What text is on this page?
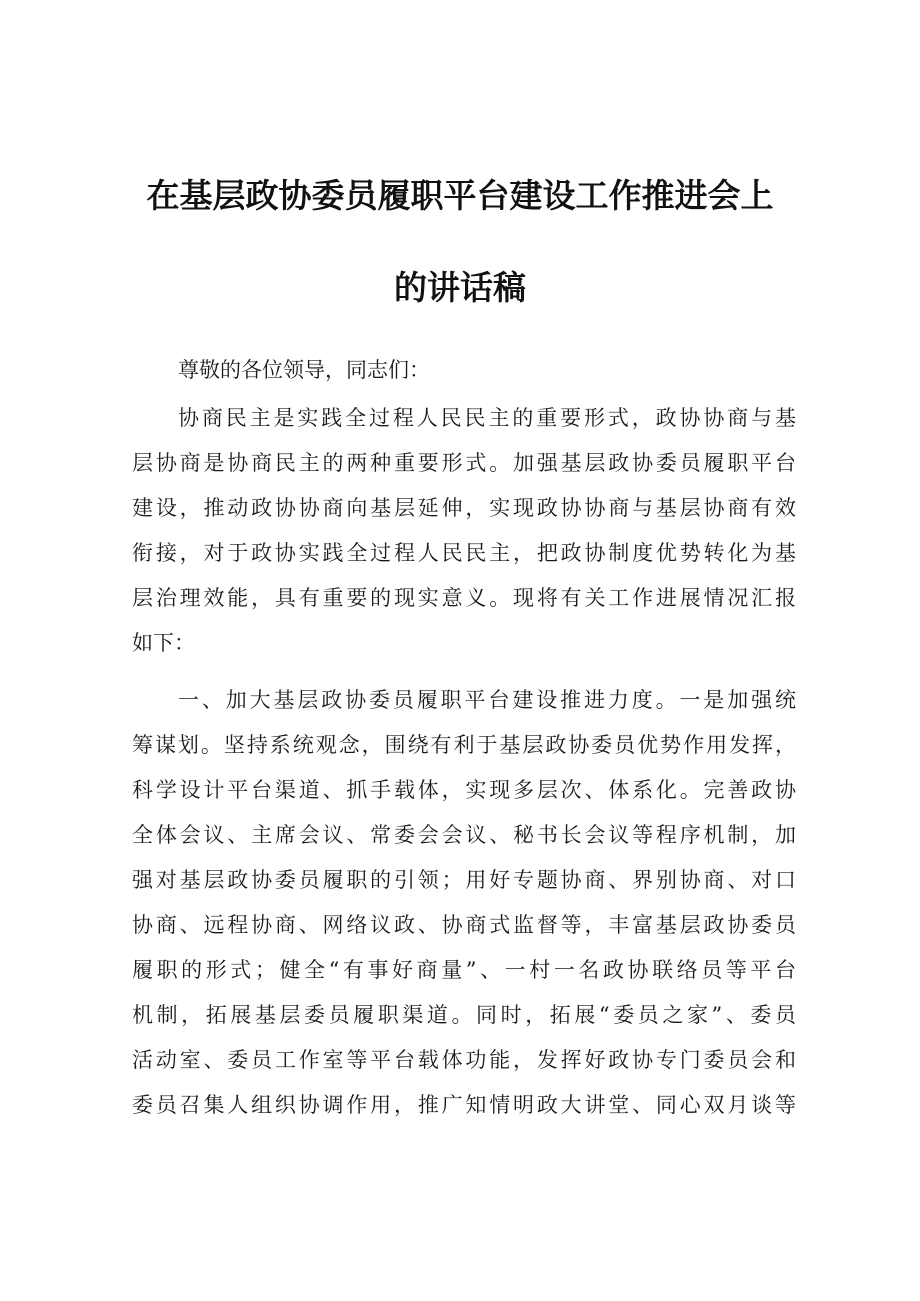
在基层政协委员履职平台建设工作推进会上
的讲话稿

尊敬的各位领导，同志们：

协商民主是实践全过程人民民主的重要形式，政协协商与基

层协商是协商民主的两种重要形式。加强基层政协委员履职平台

建设，推动政协协商向基层延伸，实现政协协商与基层协商有效

衔接，对于政协实践全过程人民民主，把政协制度优势转化为基

层治理效能，具有重要的现实意义。现将有关工作进展情况汇报

如下：

一、加大基层政协委员履职平台建设推进力度。一是加强统

筹谋划。坚持系统观念，围绕有利于基层政协委员优势作用发挥，

科学设计平台渠道、抓手载体，实现多层次、体系化。完善政协

全体会议、主席会议、常委会会议、秘书长会议等程序机制，加

强对基层政协委员履职的引领；用好专题协商、界别协商、对口

协商、远程协商、网络议政、协商式监督等，丰富基层政协委员

履职的形式；健全“有事好商量”、一村一名政协联络员等平台

机制，拓展基层委员履职渠道。同时，拓展“委员之家”、委员

活动室、委员工作室等平台载体功能，发挥好政协专门委员会和

委员召集人组织协调作用，推广知情明政大讲堂、同心双月谈等
